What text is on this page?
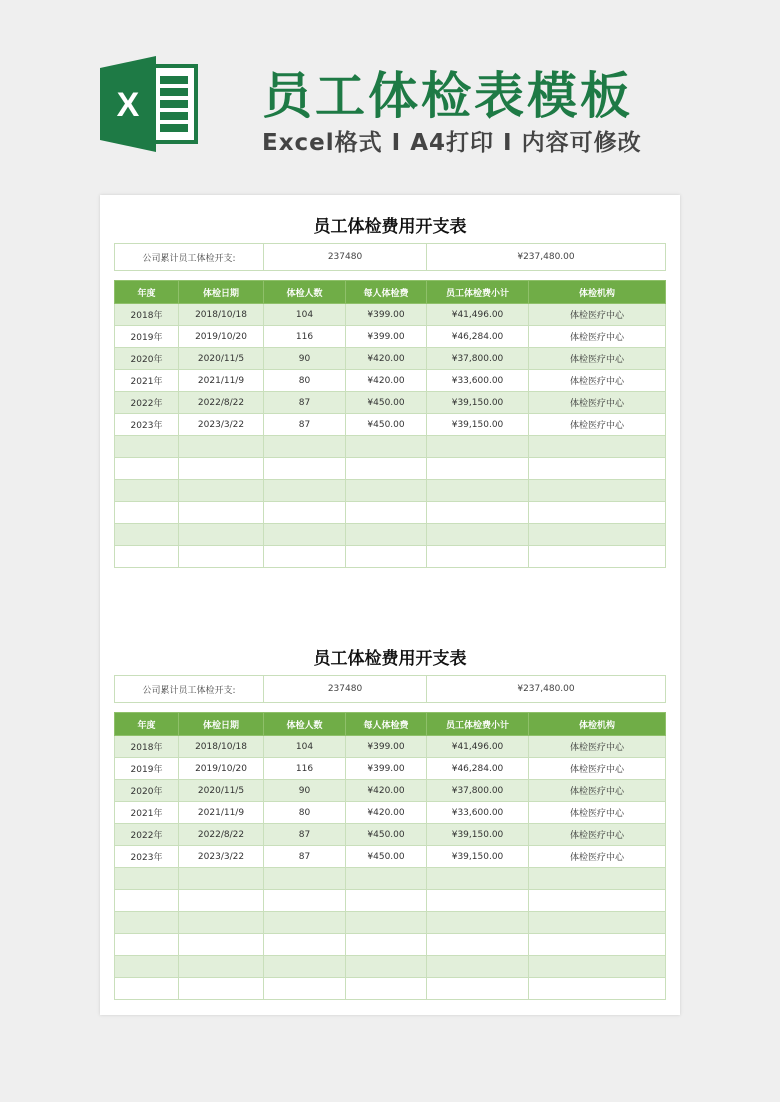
X 员工体检表模板
Excel格式 I A4打印 I 内容可修改
员工体检费用开支表
公司累计员工体检开支:	237480	¥237,480.00
年度	体检日期	体检人数	每人体检费	员工体检费小计	体检机构
2018年	2018/10/18	104	¥399.00	¥41,496.00	体检医疗中心
2019年	2019/10/20	116	¥399.00	¥46,284.00	体检医疗中心
2020年	2020/11/5	90	¥420.00	¥37,800.00	体检医疗中心
2021年	2021/11/9	80	¥420.00	¥33,600.00	体检医疗中心
2022年	2022/8/22	87	¥450.00	¥39,150.00	体检医疗中心
2023年	2023/3/22	87	¥450.00	¥39,150.00	体检医疗中心

员工体检费用开支表
公司累计员工体检开支:	237480	¥237,480.00
年度	体检日期	体检人数	每人体检费	员工体检费小计	体检机构
2018年	2018/10/18	104	¥399.00	¥41,496.00	体检医疗中心
2019年	2019/10/20	116	¥399.00	¥46,284.00	体检医疗中心
2020年	2020/11/5	90	¥420.00	¥37,800.00	体检医疗中心
2021年	2021/11/9	80	¥420.00	¥33,600.00	体检医疗中心
2022年	2022/8/22	87	¥450.00	¥39,150.00	体检医疗中心
2023年	2023/3/22	87	¥450.00	¥39,150.00	体检医疗中心
